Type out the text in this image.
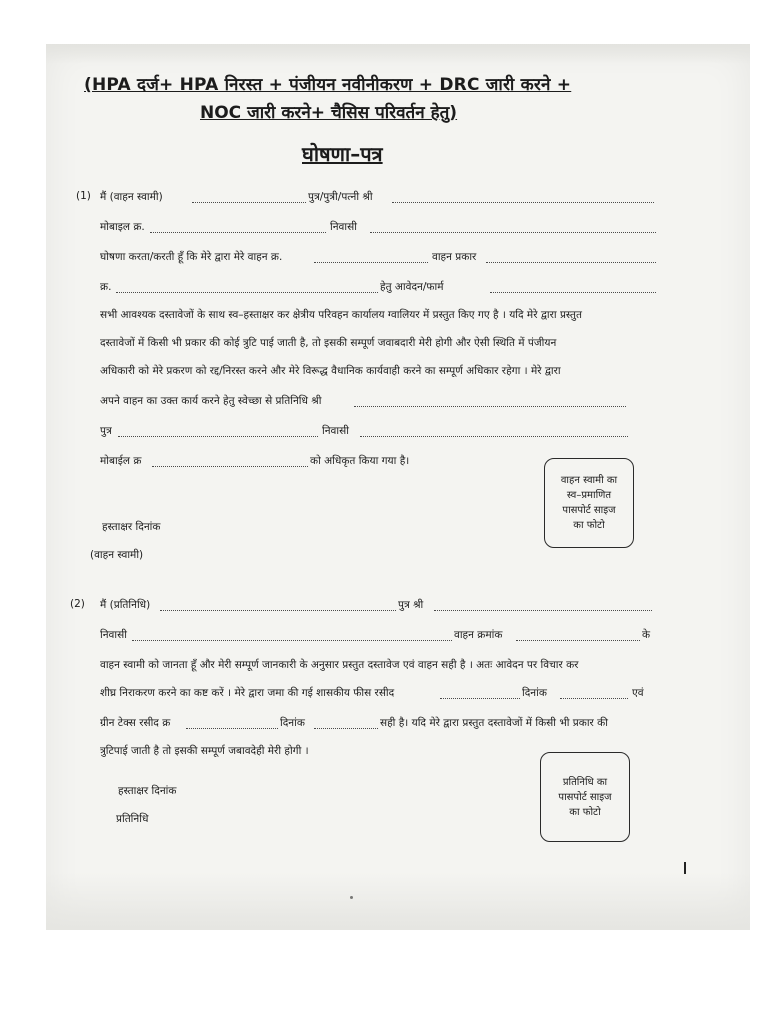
(HPA दर्ज+ HPA निरस्त + पंजीयन नवीनीकरण + DRC जारी करने +
NOC जारी करने+ चैसिस परिवर्तन हेतु)
घोषणा–पत्र
(1) मैं (वाहन स्वामी)	पुत्र/पुत्री/पत्नी श्री
मोबाइल क्र.	निवासी
घोषणा करता/करती हूँ कि मेरे द्वारा मेरे वाहन क्र.	वाहन प्रकार
क्र.	हेतु आवेदन/फार्म
सभी आवश्यक दस्तावेजों के साथ स्व–हस्ताक्षर कर क्षेत्रीय परिवहन कार्यालय ग्वालियर में प्रस्तुत किए गए है । यदि मेरे द्वारा प्रस्तुत
दस्तावेजों में किसी भी प्रकार की कोई त्रुटि पाई जाती है, तो इसकी सम्पूर्ण जवाबदारी मेरी होगी और ऐसी स्थिति में पंजीयन
अधिकारी को मेरे प्रकरण को रद्द/निरस्त करने और मेरे विरूद्ध वैधानिक कार्यवाही करने का सम्पूर्ण अधिकार रहेगा । मेरे द्वारा
अपने वाहन का उक्त कार्य करने हेतु स्वेच्छा से प्रतिनिधि श्री
पुत्र	निवासी
मोबाईल क्र	को अधिकृत किया गया है।
वाहन स्वामी का
स्व–प्रमाणित
पासपोर्ट साइज
का फोटो
हस्ताक्षर दिनांक
(वाहन स्वामी)
(2) मैं (प्रतिनिधि)	पुत्र श्री
निवासी	वाहन क्रमांक	के
वाहन स्वामी को जानता हूँ और मेरी सम्पूर्ण जानकारी के अनुसार प्रस्तुत दस्तावेज एवं वाहन सही है । अतः आवेदन पर विचार कर
शीघ्र निराकरण करने का कष्ट करें । मेरे द्वारा जमा की गई शासकीय फीस रसीद	दिनांक	एवं
ग्रीन टेक्स रसीद क्र	दिनांक	सही है। यदि मेरे द्वारा प्रस्तुत दस्तावेजों में किसी भी प्रकार की
त्रुटिपाई जाती है तो इसकी सम्पूर्ण जबावदेही मेरी होगी ।
प्रतिनिधि का
पासपोर्ट साइज
का फोटो
हस्ताक्षर दिनांक
प्रतिनिधि
